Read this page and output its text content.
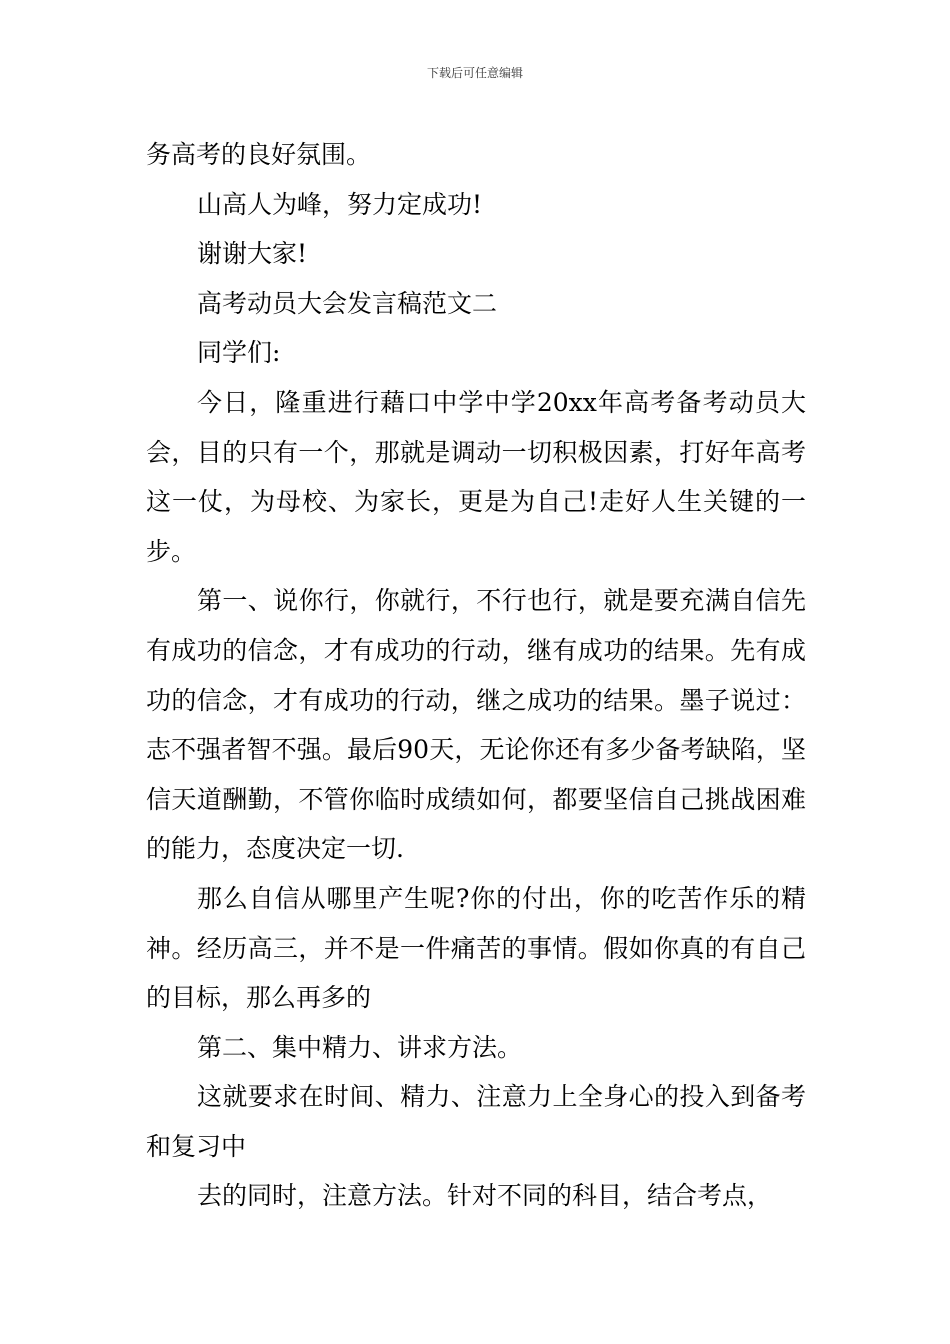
下载后可任意编辑

务高考的良好氛围。

山高人为峰，努力定成功!

谢谢大家!

高考动员大会发言稿范文二

同学们:

今日，隆重进行藉口中学中学20xx年高考备考动员大会，目的只有一个，那就是调动一切积极因素，打好年高考这一仗，为母校、为家长，更是为自己!走好人生关键的一步。

第一、说你行，你就行，不行也行，就是要充满自信先有成功的信念，才有成功的行动，继有成功的结果。先有成功的信念，才有成功的行动，继之成功的结果。墨子说过：志不强者智不强。最后90天，无论你还有多少备考缺陷，坚信天道酬勤，不管你临时成绩如何，都要坚信自己挑战困难的能力，态度决定一切.

那么自信从哪里产生呢?你的付出，你的吃苦作乐的精神。经历高三，并不是一件痛苦的事情。假如你真的有自己的目标，那么再多的

第二、集中精力、讲求方法。

这就要求在时间、精力、注意力上全身心的投入到备考和复习中

去的同时，注意方法。针对不同的科目，结合考点，
